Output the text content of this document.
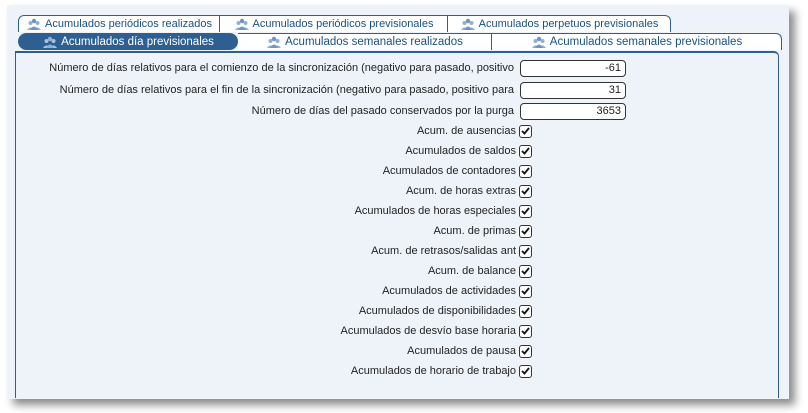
Acumulados periódicos realizados	Acumulados periódicos previsionales	Acumulados perpetuos previsionales
Acumulados día previsionales	Acumulados semanales realizados	Acumulados semanales previsionales
Número de días relativos para el comienzo de la sincronización (negativo para pasado, positivo
-61
Número de días relativos para el fin de la sincronización (negativo para pasado, positivo para
31
Número de días del pasado conservados por la purga
3653
Acum. de ausencias
Acumulados de saldos
Acumulados de contadores
Acum. de horas extras
Acumulados de horas especiales
Acum. de primas
Acum. de retrasos/salidas ant
Acum. de balance
Acumulados de actividades
Acumulados de disponibilidades
Acumulados de desvío base horaria
Acumulados de pausa
Acumulados de horario de trabajo
